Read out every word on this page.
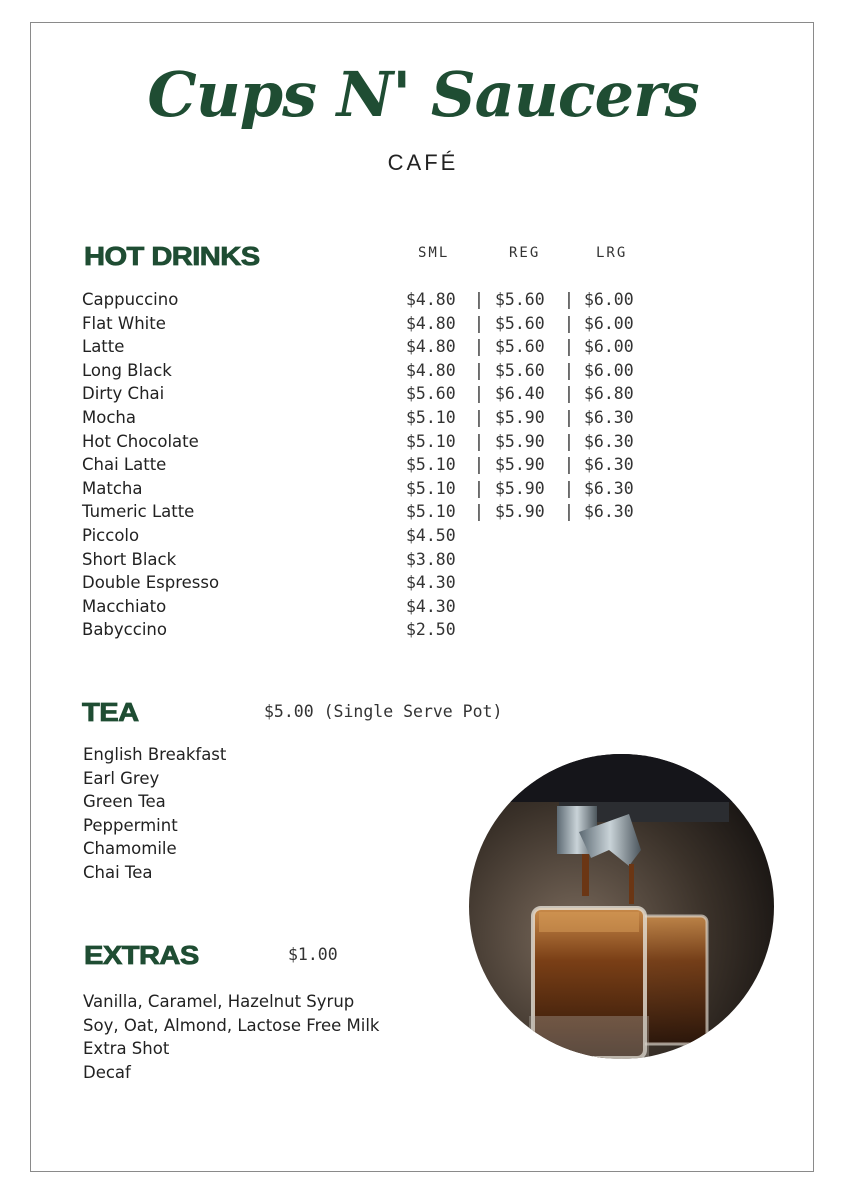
Cups N' Saucers
CAFÉ
HOT DRINKS	SML	REG	LRG
Cappuccino	$4.80 | $5.60 | $6.00
Flat White	$4.80 | $5.60 | $6.00
Latte	$4.80 | $5.60 | $6.00
Long Black	$4.80 | $5.60 | $6.00
Dirty Chai	$5.60 | $6.40 | $6.80
Mocha	$5.10 | $5.90 | $6.30
Hot Chocolate	$5.10 | $5.90 | $6.30
Chai Latte	$5.10 | $5.90 | $6.30
Matcha	$5.10 | $5.90 | $6.30
Tumeric Latte	$5.10 | $5.90 | $6.30
Piccolo	$4.50
Short Black	$3.80
Double Espresso	$4.30
Macchiato	$4.30
Babyccino	$2.50
TEA	$5.00 (Single Serve Pot)
English Breakfast
Earl Grey
Green Tea
Peppermint
Chamomile
Chai Tea
EXTRAS	$1.00
Vanilla, Caramel, Hazelnut Syrup
Soy, Oat, Almond, Lactose Free Milk
Extra Shot
Decaf
